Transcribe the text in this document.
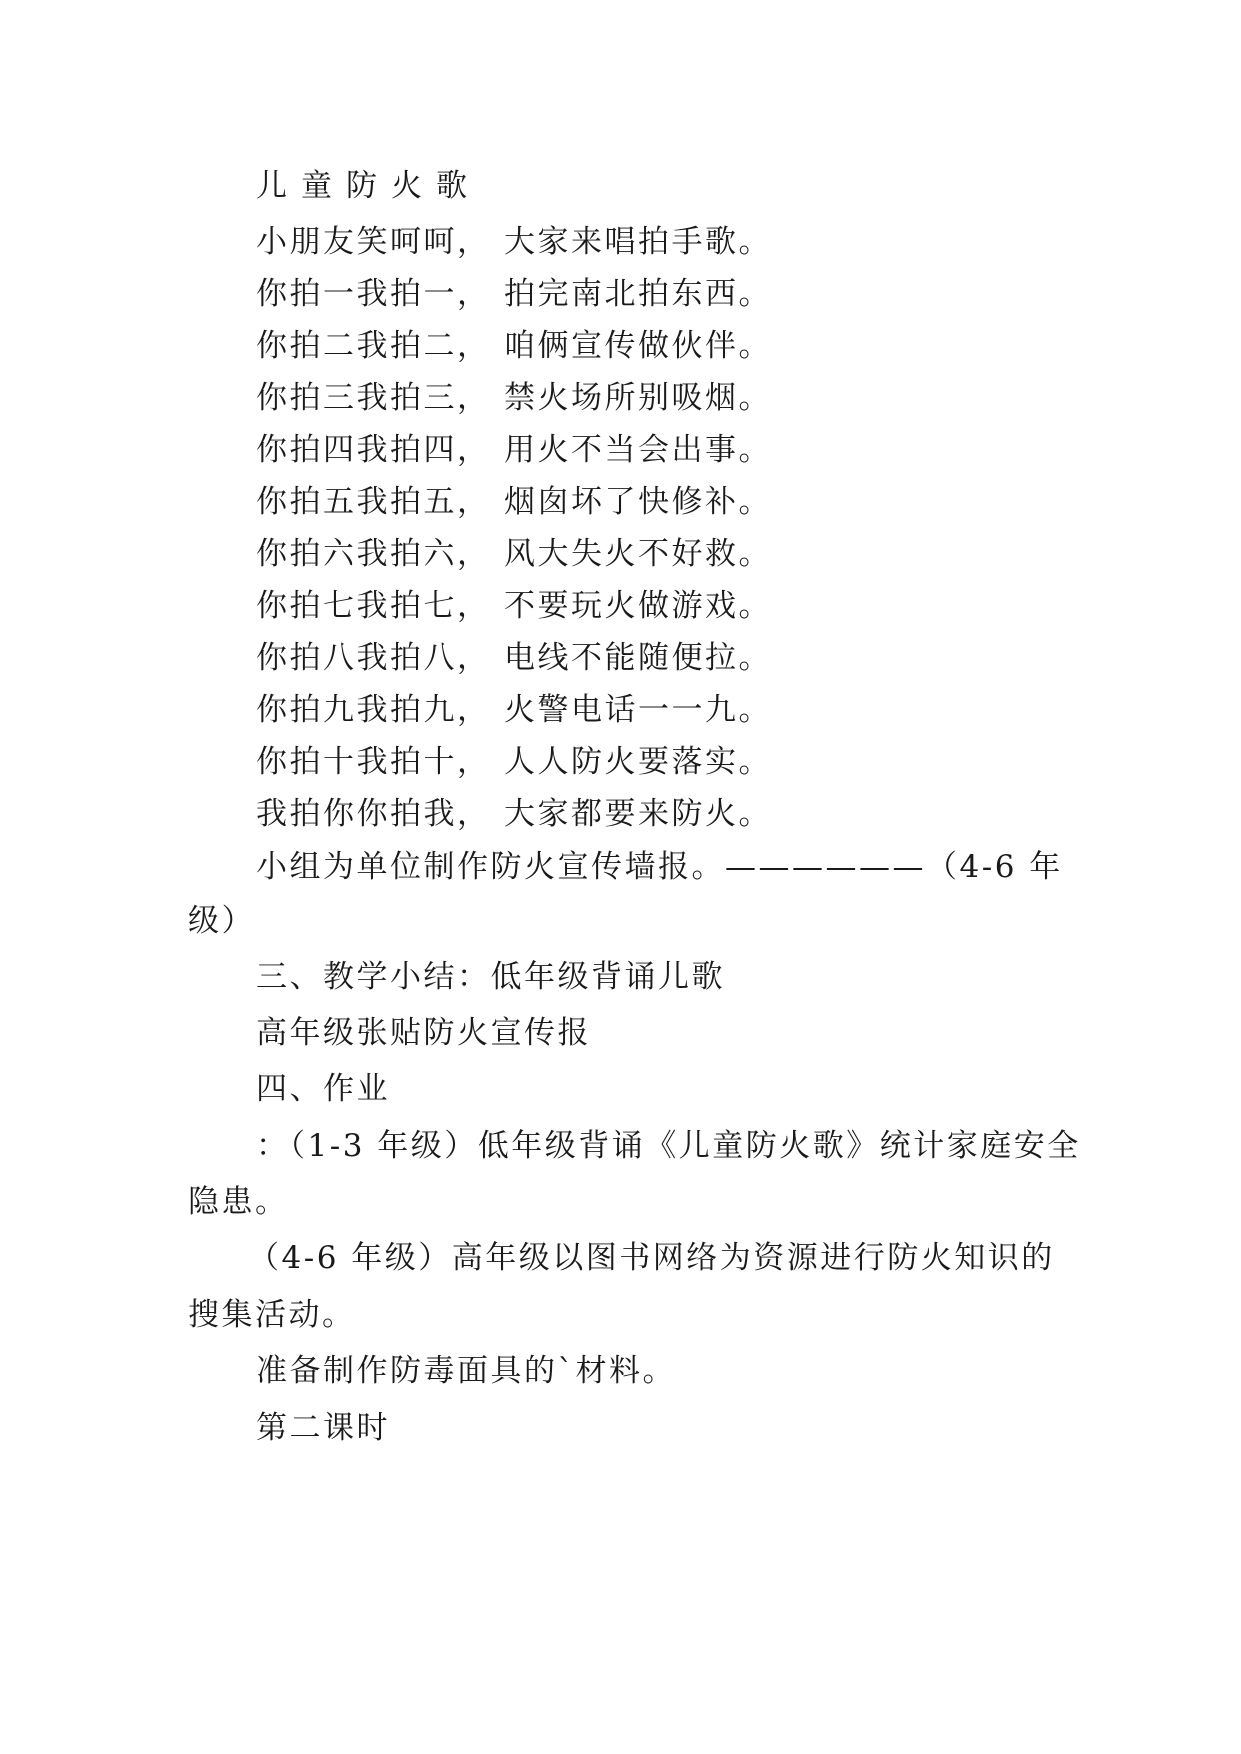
儿童防火歌
小朋友笑呵呵， 大家来唱拍手歌。
你拍一我拍一， 拍完南北拍东西。
你拍二我拍二， 咱俩宣传做伙伴。
你拍三我拍三， 禁火场所别吸烟。
你拍四我拍四， 用火不当会出事。
你拍五我拍五， 烟囱坏了快修补。
你拍六我拍六， 风大失火不好救。
你拍七我拍七， 不要玩火做游戏。
你拍八我拍八， 电线不能随便拉。
你拍九我拍九， 火警电话一一九。
你拍十我拍十， 人人防火要落实。
我拍你你拍我， 大家都要来防火。
小组为单位制作防火宣传墙报。——————（4-6 年
级）
三、教学小结：低年级背诵儿歌
高年级张贴防火宣传报
四、作业
：（1-3 年级）低年级背诵《儿童防火歌》统计家庭安全
隐患。
（4-6 年级）高年级以图书网络为资源进行防火知识的
搜集活动。
准备制作防毒面具的`材料。
第二课时
